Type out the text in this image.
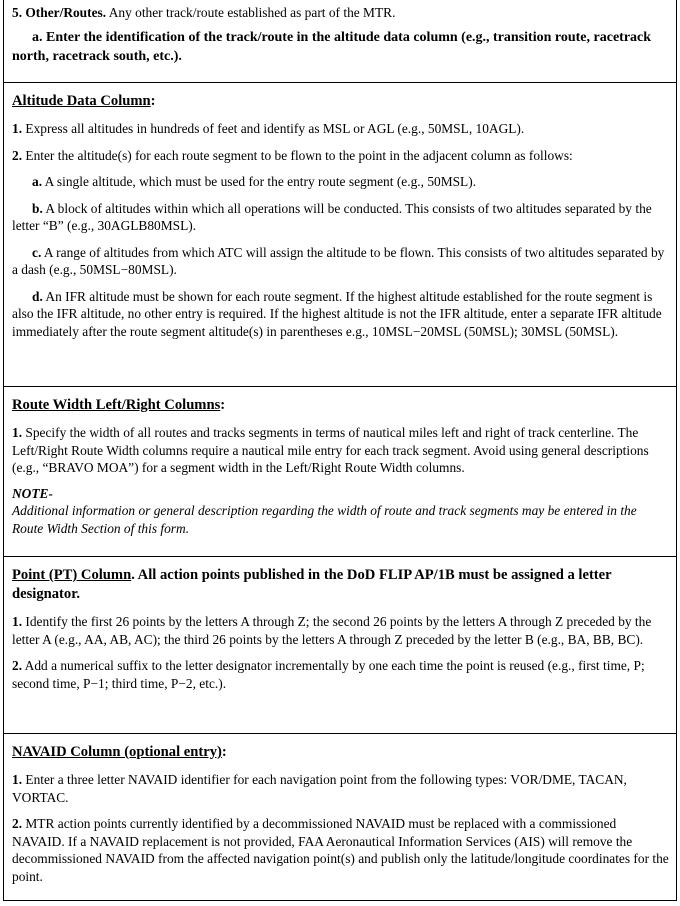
5. Other/Routes. Any other track/route established as part of the MTR.

a. Enter the identification of the track/route in the altitude data column (e.g., transition route, racetrack north, racetrack south, etc.).

Altitude Data Column:

1. Express all altitudes in hundreds of feet and identify as MSL or AGL (e.g., 50MSL, 10AGL).

2. Enter the altitude(s) for each route segment to be flown to the point in the adjacent column as follows:

a. A single altitude, which must be used for the entry route segment (e.g., 50MSL).

b. A block of altitudes within which all operations will be conducted. This consists of two altitudes separated by the letter “B” (e.g., 30AGLB80MSL).

c. A range of altitudes from which ATC will assign the altitude to be flown. This consists of two altitudes separated by a dash (e.g., 50MSL−80MSL).

d. An IFR altitude must be shown for each route segment. If the highest altitude established for the route segment is also the IFR altitude, no other entry is required. If the highest altitude is not the IFR altitude, enter a separate IFR altitude immediately after the route segment altitude(s) in parentheses e.g., 10MSL−20MSL (50MSL); 30MSL (50MSL).

Route Width Left/Right Columns:

1. Specify the width of all routes and tracks segments in terms of nautical miles left and right of track centerline. The Left/Right Route Width columns require a nautical mile entry for each track segment. Avoid using general descriptions (e.g., “BRAVO MOA”) for a segment width in the Left/Right Route Width columns.

NOTE-

Additional information or general description regarding the width of route and track segments may be entered in the Route Width Section of this form.

Point (PT) Column. All action points published in the DoD FLIP AP/1B must be assigned a letter designator.

1. Identify the first 26 points by the letters A through Z; the second 26 points by the letters A through Z preceded by the letter A (e.g., AA, AB, AC); the third 26 points by the letters A through Z preceded by the letter B (e.g., BA, BB, BC).

2. Add a numerical suffix to the letter designator incrementally by one each time the point is reused (e.g., first time, P; second time, P−1; third time, P−2, etc.).

NAVAID Column (optional entry):

1. Enter a three letter NAVAID identifier for each navigation point from the following types: VOR/DME, TACAN, VORTAC.

2. MTR action points currently identified by a decommissioned NAVAID must be replaced with a commissioned NAVAID. If a NAVAID replacement is not provided, FAA Aeronautical Information Services (AIS) will remove the decommissioned NAVAID from the affected navigation point(s) and publish only the latitude/longitude coordinates for the point.
